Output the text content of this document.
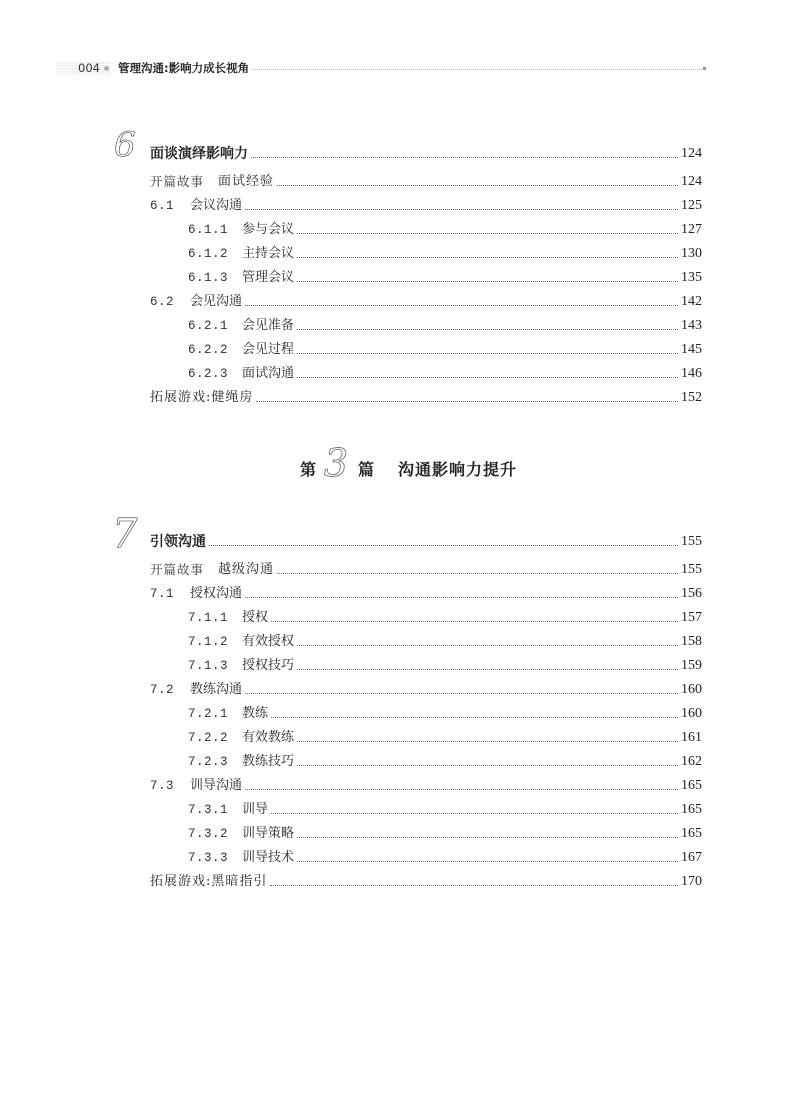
004 管理沟通:影响力成长视角
6 面谈演绎影响力	124
开篇故事 面试经验	124
6.1	会议沟通	125
6.1.1	参与会议	127
6.1.2	主持会议	130
6.1.3	管理会议	135
6.2	会见沟通	142
6.2.1	会见准备	143
6.2.2	会见过程	145
6.2.3	面试沟通	146
拓展游戏:健绳房	152
第 3 篇 沟通影响力提升
7 引领沟通	155
开篇故事 越级沟通	155
7.1	授权沟通	156
7.1.1	授权	157
7.1.2	有效授权	158
7.1.3	授权技巧	159
7.2	教练沟通	160
7.2.1	教练	160
7.2.2	有效教练	161
7.2.3	教练技巧	162
7.3	训导沟通	165
7.3.1	训导	165
7.3.2	训导策略	165
7.3.3	训导技术	167
拓展游戏:黑暗指引	170
